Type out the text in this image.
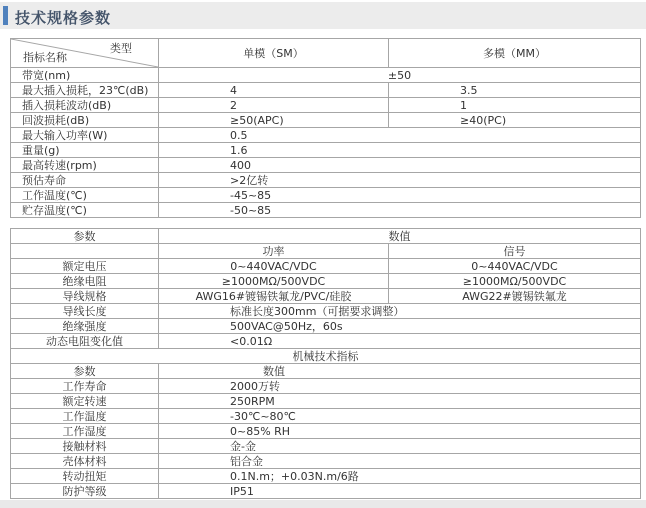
技术规格参数
类型
指标名称	单模（SM）	多模（MM）
带宽(nm)	±50	
最大插入损耗，23℃(dB)	4	3.5
插入损耗波动(dB)	2	1
回波损耗(dB)	≥50(APC)	≥40(PC)
最大输入功率(W)	0.5	
重量(g)	1.6	
最高转速(rpm)	400	
预估寿命	>2亿转	
工作温度(℃)	-45~85	
贮存温度(℃)	-50~85	
参数	数值	
	功率	信号
额定电压	0~440VAC/VDC	0~440VAC/VDC
绝缘电阻	≥1000MΩ/500VDC	≥1000MΩ/500VDC
导线规格	AWG16#镀锡铁氟龙/PVC/硅胶	AWG22#镀锡铁氟龙
导线长度	标准长度300mm（可据要求调整）	
绝缘强度	500VAC@50Hz，60s	
动态电阻变化值	<0.01Ω	
机械技术指标		
参数	数值	

工作寿命	2000万转	
额定转速	250RPM	
工作温度	-30℃~80℃	
工作湿度	0~85% RH	
接触材料	金-金	
壳体材料	铝合金	
转动扭矩	0.1N.m；+0.03N.m/6路	
防护等级	IP51	
